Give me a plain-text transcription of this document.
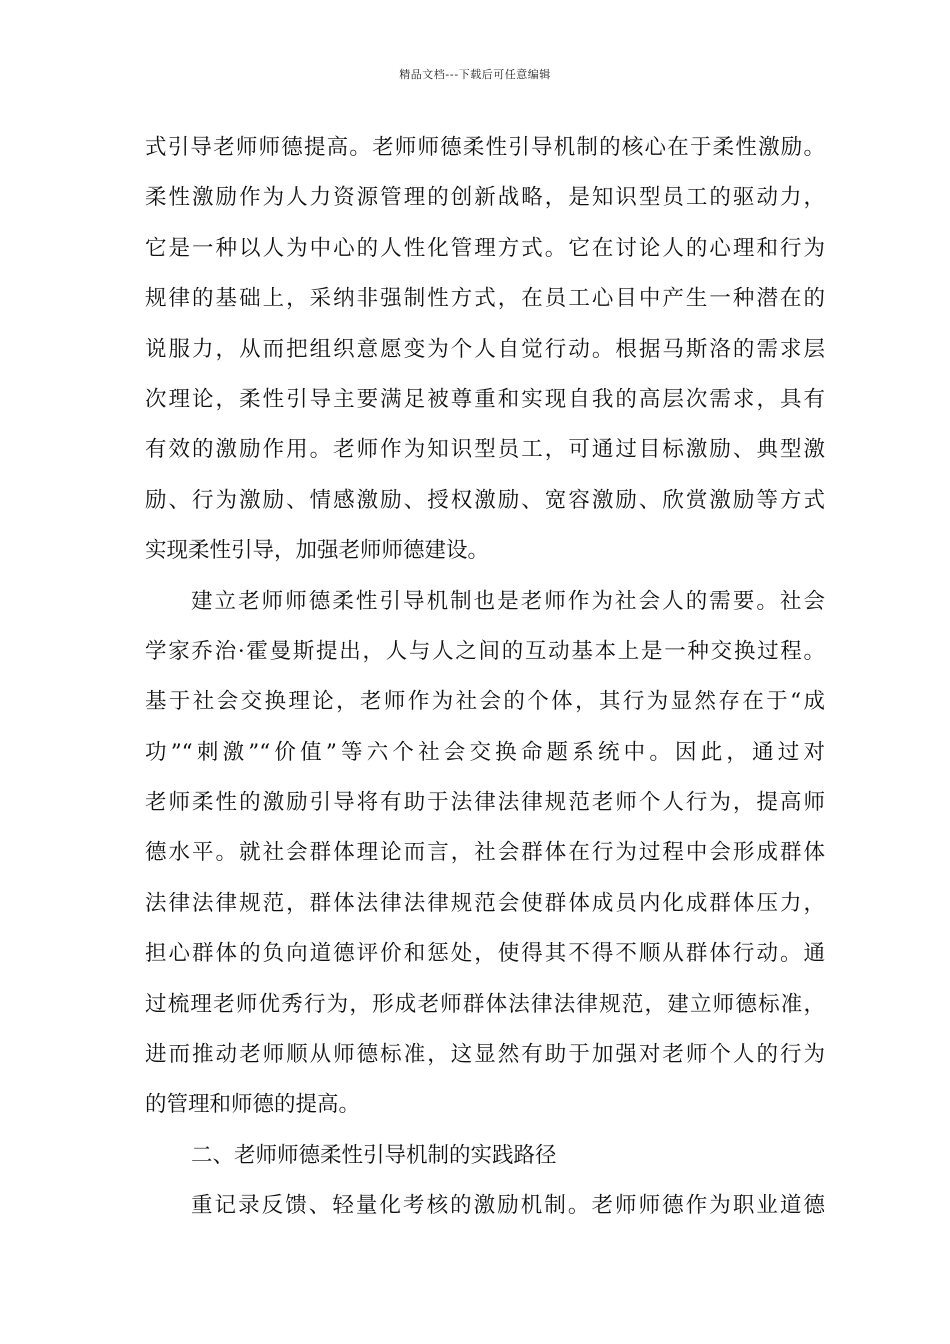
精品文档---下载后可任意编辑
式引导老师师德提高。老师师德柔性引导机制的核心在于柔性激励。
柔性激励作为人力资源管理的创新战略，是知识型员工的驱动力，
它是一种以人为中心的人性化管理方式。它在讨论人的心理和行为
规律的基础上，采纳非强制性方式，在员工心目中产生一种潜在的
说服力，从而把组织意愿变为个人自觉行动。根据马斯洛的需求层
次理论，柔性引导主要满足被尊重和实现自我的高层次需求，具有
有效的激励作用。老师作为知识型员工，可通过目标激励、典型激
励、行为激励、情感激励、授权激励、宽容激励、欣赏激励等方式
实现柔性引导，加强老师师德建设。
建立老师师德柔性引导机制也是老师作为社会人的需要。社会
学家乔治·霍曼斯提出，人与人之间的互动基本上是一种交换过程。
基于社会交换理论，老师作为社会的个体，其行为显然存在于“成
功”“刺激”“价值”等六个社会交换命题系统中。因此，通过对
老师柔性的激励引导将有助于法律法律规范老师个人行为，提高师
德水平。就社会群体理论而言，社会群体在行为过程中会形成群体
法律法律规范，群体法律法律规范会使群体成员内化成群体压力，
担心群体的负向道德评价和惩处，使得其不得不顺从群体行动。通
过梳理老师优秀行为，形成老师群体法律法律规范，建立师德标准，
进而推动老师顺从师德标准，这显然有助于加强对老师个人的行为
的管理和师德的提高。
二、老师师德柔性引导机制的实践路径
重记录反馈、轻量化考核的激励机制。老师师德作为职业道德
